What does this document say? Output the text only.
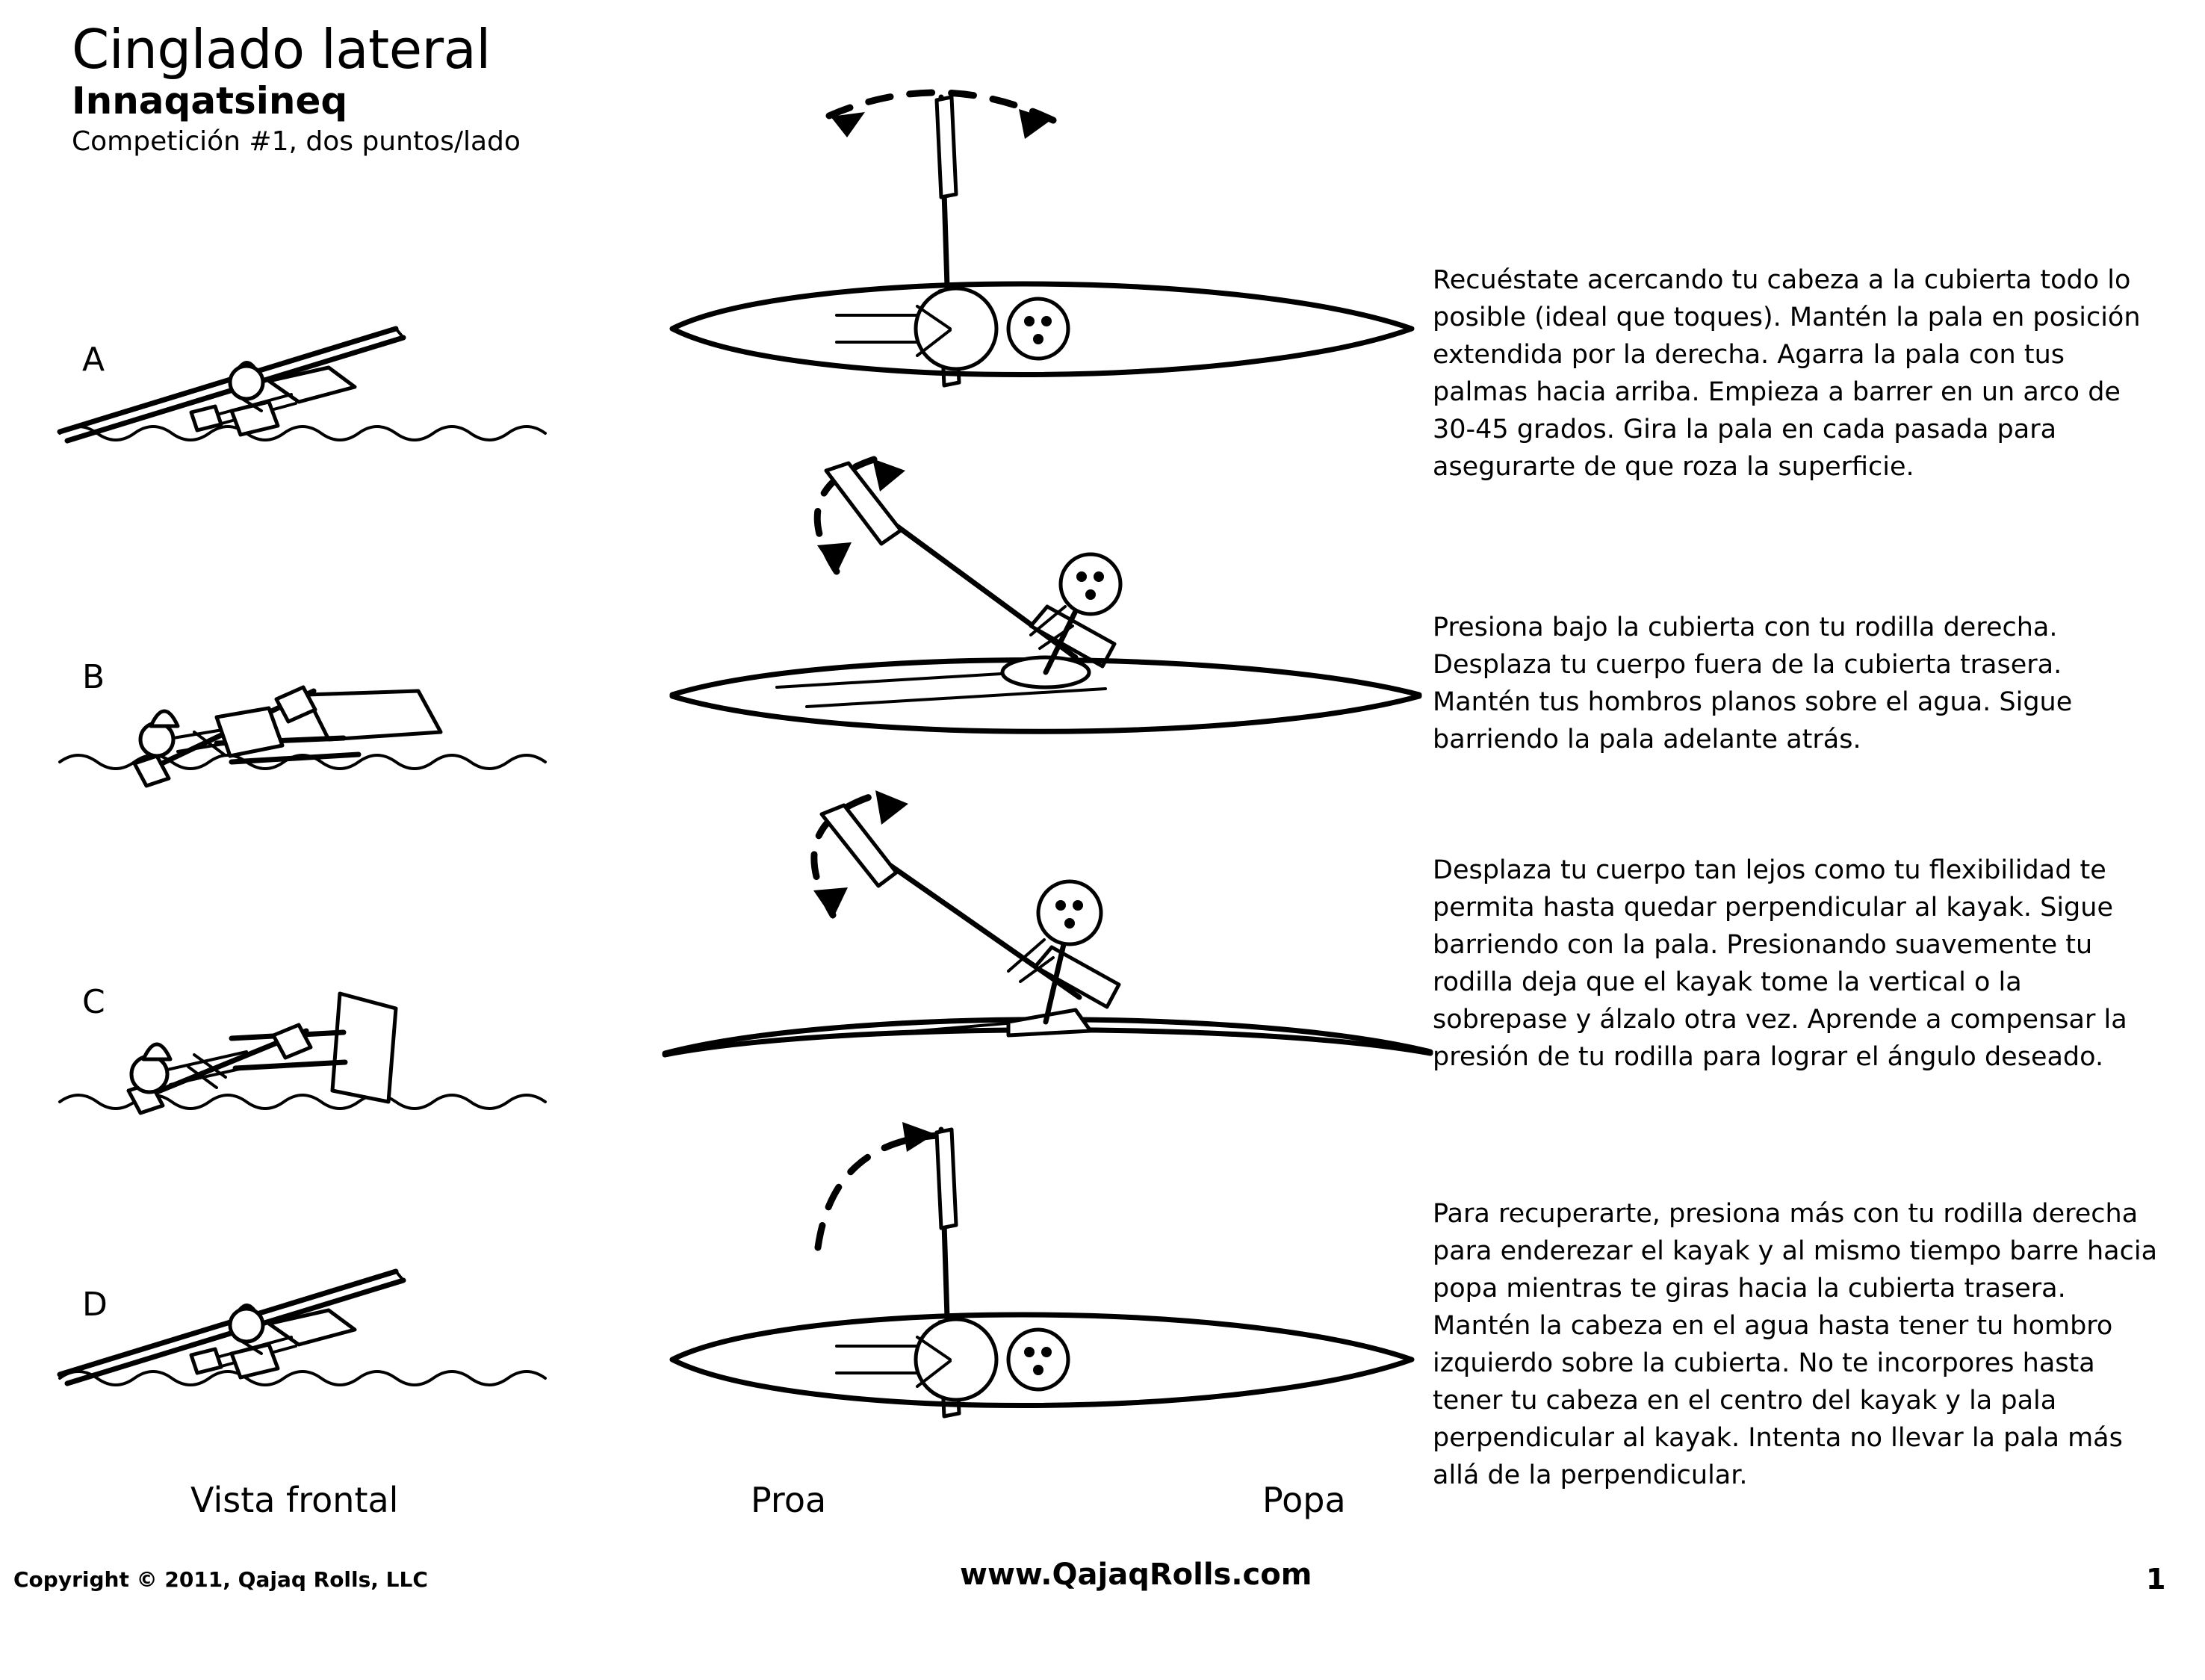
Cinglado lateral
Innaqatsineq
Competición #1, dos puntos/lado
A
B
C
D
Recuéstate acercando tu cabeza a la cubierta todo lo posible (ideal que toques). Mantén la pala en posición extendida por la derecha. Agarra la pala con tus palmas hacia arriba. Empieza a barrer en un arco de 30-45 grados. Gira la pala en cada pasada para asegurarte de que roza la superficie.
Presiona bajo la cubierta con tu rodilla derecha. Desplaza tu cuerpo fuera de la cubierta trasera. Mantén tus hombros planos sobre el agua. Sigue barriendo la pala adelante atrás.
Desplaza tu cuerpo tan lejos como tu flexibilidad te permita hasta quedar perpendicular al kayak. Sigue barriendo con la pala. Presionando suavemente tu rodilla deja que el kayak tome la vertical o la sobrepase y álzalo otra vez. Aprende a compensar la presión de tu rodilla para lograr el ángulo deseado.
Para recuperarte, presiona más con tu rodilla derecha para enderezar el kayak y al mismo tiempo barre hacia popa mientras te giras hacia la cubierta trasera. Mantén la cabeza en el agua hasta tener tu hombro izquierdo sobre la cubierta. No te incorpores hasta tener tu cabeza en el centro del kayak y la pala perpendicular al kayak. Intenta no llevar la pala más allá de la perpendicular.
Vista frontal	Proa	Popa
Copyright © 2011, Qajaq Rolls, LLC	www.QajaqRolls.com	1
